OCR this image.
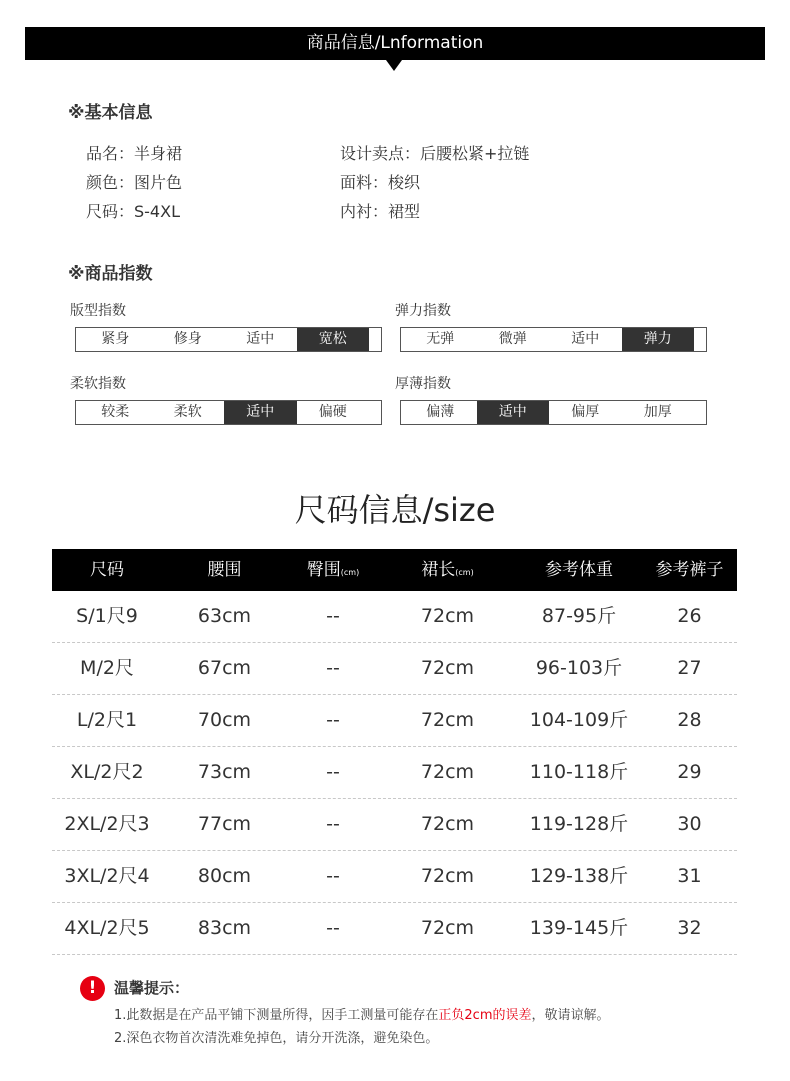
商品信息/Lnformation
※基本信息
品名：半身裙
颜色：图片色
尺码：S-4XL
设计卖点：后腰松紧+拉链
面料：梭织
内衬：裙型
※商品指数
版型指数
紧身	修身	适中	宽松
弹力指数
无弹	微弹	适中	弹力
柔软指数
较柔	柔软	适中	偏硬
厚薄指数
偏薄	适中	偏厚	加厚
尺码信息/size
尺码	腰围	臀围(cm)	裙长(cm)	参考体重	参考裤子
S/1尺9	63cm	--	72cm	87-95斤	26
M/2尺	67cm	--	72cm	96-103斤	27
L/2尺1	70cm	--	72cm	104-109斤	28
XL/2尺2	73cm	--	72cm	110-118斤	29
2XL/2尺3	77cm	--	72cm	119-128斤	30
3XL/2尺4	80cm	--	72cm	129-138斤	31
4XL/2尺5	83cm	--	72cm	139-145斤	32
!	温馨提示：
1.此数据是在产品平铺下测量所得，因手工测量可能存在正负2cm的误差，敬请谅解。
2.深色衣物首次清洗难免掉色，请分开洗涤，避免染色。
